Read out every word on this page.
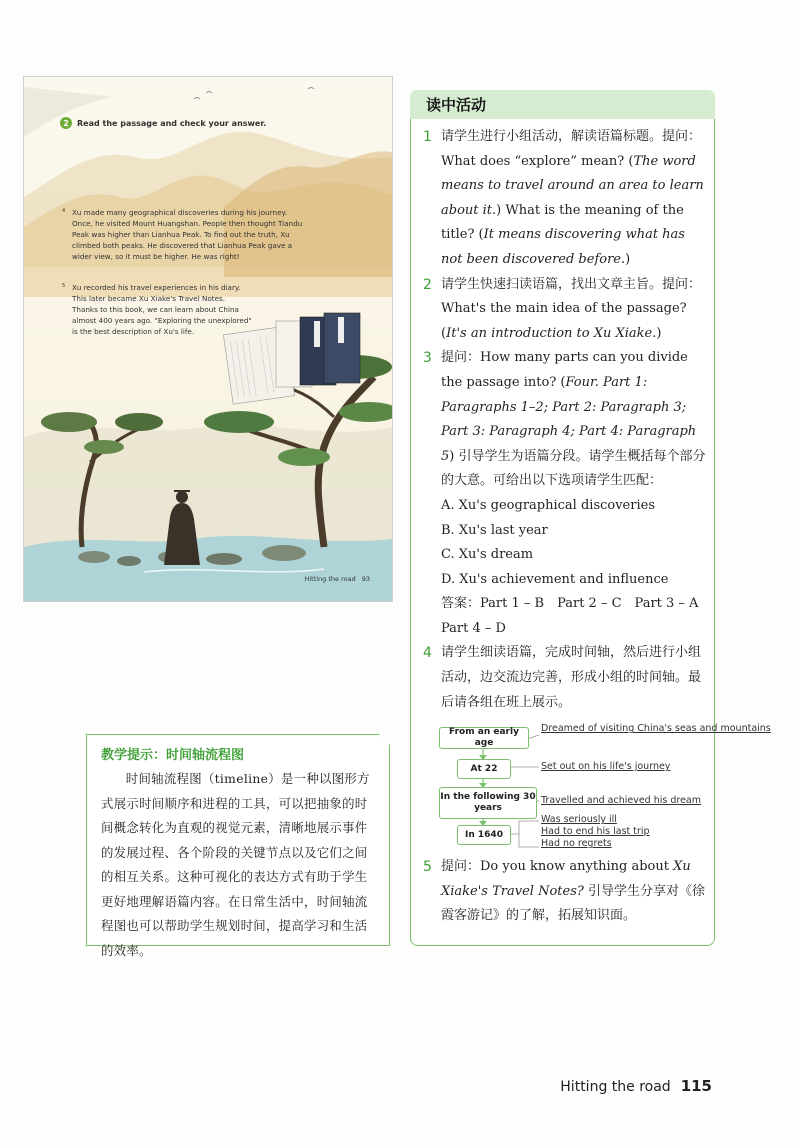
2	Read the passage and check your answer.
4 Xu made many geographical discoveries during his journey. Once, he visited Mount Huangshan. People then thought Tiandu Peak was higher than Lianhua Peak. To find out the truth, Xu climbed both peaks. He discovered that Lianhua Peak gave a wider view, so it must be higher. He was right!
5 Xu recorded his travel experiences in his diary. This later became Xu Xiake's Travel Notes. Thanks to this book, we can learn about China almost 400 years ago. "Exploring the unexplored" is the best description of Xu's life.
Hitting the road 93
读中活动
1 请学生进行小组活动，解读语篇标题。提问：What does “explore” mean? (The word means to travel around an area to learn about it.) What is the meaning of the title? (It means discovering what has not been discovered before.)
2 请学生快速扫读语篇，找出文章主旨。提问：What's the main idea of the passage? (It's an introduction to Xu Xiake.)
3 提问：How many parts can you divide the passage into? (Four. Part 1: Paragraphs 1–2; Part 2: Paragraph 3; Part 3: Paragraph 4; Part 4: Paragraph 5) 引导学生为语篇分段。请学生概括每个部分的大意。可给出以下选项请学生匹配：
A. Xu's geographical discoveries
B. Xu's last year
C. Xu's dream
D. Xu's achievement and influence
答案：Part 1 – B　Part 2 – C　Part 3 – A　Part 4 – D
4 请学生细读语篇，完成时间轴，然后进行小组活动，边交流边完善，形成小组的时间轴。最后请各组在班上展示。
From an early age
Dreamed of visiting China's seas and mountains
At 22	Set out on his life's journey
In the following 30 years
Travelled and achieved his dream
In 1640
Was seriously ill
Had to end his last trip
Had no regrets
5 提问：Do you know anything about Xu Xiake's Travel Notes? 引导学生分享对《徐霞客游记》的了解，拓展知识面。
教学提示：时间轴流程图
时间轴流程图（timeline）是一种以图形方式展示时间顺序和进程的工具，可以把抽象的时间概念转化为直观的视觉元素，清晰地展示事件的发展过程、各个阶段的关键节点以及它们之间的相互关系。这种可视化的表达方式有助于学生更好地理解语篇内容。在日常生活中，时间轴流程图也可以帮助学生规划时间，提高学习和生活的效率。
Hitting the road 115
